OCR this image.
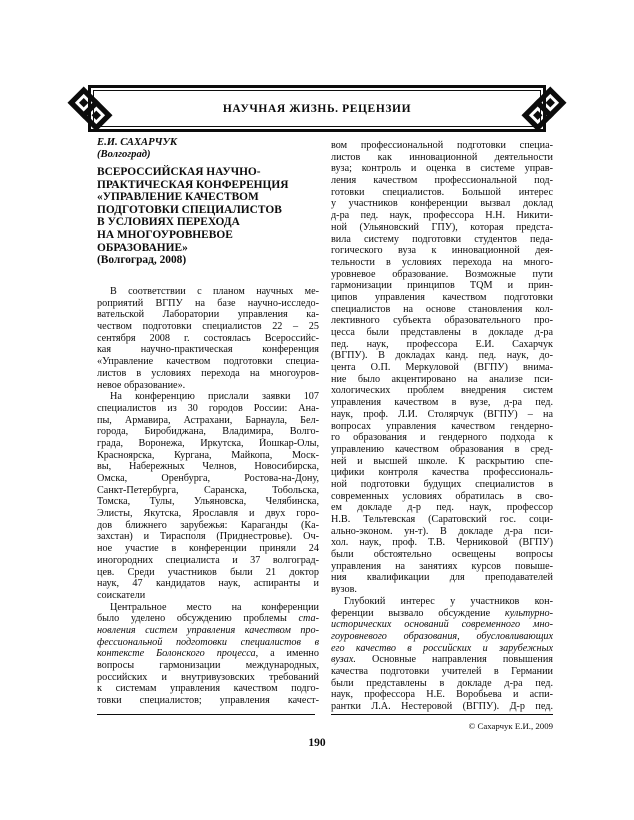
НАУЧНАЯ ЖИЗНЬ. РЕЦЕНЗИИ
Е.И. САХАРЧУК
(Волгоград)
ВСЕРОССИЙСКАЯ НАУЧНО-
ПРАКТИЧЕСКАЯ КОНФЕРЕНЦИЯ
«УПРАВЛЕНИЕ КАЧЕСТВОМ
ПОДГОТОВКИ СПЕЦИАЛИСТОВ
В УСЛОВИЯХ ПЕРЕХОДА
НА МНОГОУРОВНЕВОЕ
ОБРАЗОВАНИЕ»
(Волгоград, 2008)
В соответствии с планом научных ме-
роприятий ВГПУ на базе научно-исследо-
вательской Лаборатории управления ка-
чеством подготовки специалистов 22 – 25
сентября 2008 г. состоялась Всероссийс-
кая научно-практическая конференция
«Управление качеством подготовки специа-
листов в условиях перехода на многоуров-
невое образование».
На конференцию прислали заявки 107
специалистов из 30 городов России: Ана-
пы, Армавира, Астрахани, Барнаула, Бел-
города, Биробиджана, Владимира, Волго-
града, Воронежа, Иркутска, Йошкар-Олы,
Красноярска, Кургана, Майкопа, Моск-
вы, Набережных Челнов, Новосибирска,
Омска, Оренбурга, Ростова-на-Дону,
Санкт-Петербурга, Саранска, Тобольска,
Томска, Тулы, Ульяновска, Челябинска,
Элисты, Якутска, Ярославля и двух горо-
дов ближнего зарубежья: Караганды (Ка-
захстан) и Тирасполя (Приднестровье). Оч-
ное участие в конференции приняли 24
иногородних специалиста и 37 волгоград-
цев. Среди участников были 21 доктор
наук, 47 кандидатов наук, аспиранты и
соискатели
Центральное место на конференции
было уделено обсуждению проблемы ста-
новления систем управления качеством про-
фессиональной подготовки специалистов в
контексте Болонского процесса, а именно
вопросы гармонизации международных,
российских и внутривузовских требований
к системам управления качеством подго-
товки специалистов; управления качест-
вом профессиональной подготовки специа-
листов как инновационной деятельности
вуза; контроль и оценка в системе управ-
ления качеством профессиональной под-
готовки специалистов. Большой интерес
у участников конференции вызвал доклад
д-ра пед. наук, профессора Н.Н. Никити-
ной (Ульяновский ГПУ), которая предста-
вила систему подготовки студентов педа-
гогического вуза к инновационной дея-
тельности в условиях перехода на много-
уровневое образование. Возможные пути
гармонизации принципов TQM и прин-
ципов управления качеством подготовки
специалистов на основе становления кол-
лективного субъекта образовательного про-
цесса были представлены в докладе д-ра
пед. наук, профессора Е.И. Сахарчук
(ВГПУ). В докладах канд. пед. наук, до-
цента О.П. Меркуловой (ВГПУ) внима-
ние было акцентировано на анализе пси-
хологических проблем внедрения систем
управления качеством в вузе, д-ра пед.
наук, проф. Л.И. Столярчук (ВГПУ) – на
вопросах управления качеством гендерно-
го образования и гендерного подхода к
управлению качеством образования в сред-
ней и высшей школе. К раскрытию спе-
цифики контроля качества профессиональ-
ной подготовки будущих специалистов в
современных условиях обратилась в сво-
ем докладе д-р пед. наук, профессор
Н.В. Тельтевская (Саратовский гос. соци-
ально-эконом. ун-т). В докладе д-ра пси-
хол. наук, проф. Т.В. Черниковой (ВГПУ)
были обстоятельно освещены вопросы
управления на занятиях курсов повыше-
ния квалификации для преподавателей
вузов.
Глубокий интерес у участников кон-
ференции вызвало обсуждение культурно-
исторических оснований современного мно-
гоуровневого образования, обусловливающих
его качество в российских и зарубежных
вузах. Основные направления повышения
качества подготовки учителей в Германии
были представлены в докладе д-ра пед.
наук, профессора Н.Е. Воробьева и аспи-
рантки Л.А. Нестеровой (ВГПУ). Д-р пед.
© Сахарчук Е.И., 2009
190
